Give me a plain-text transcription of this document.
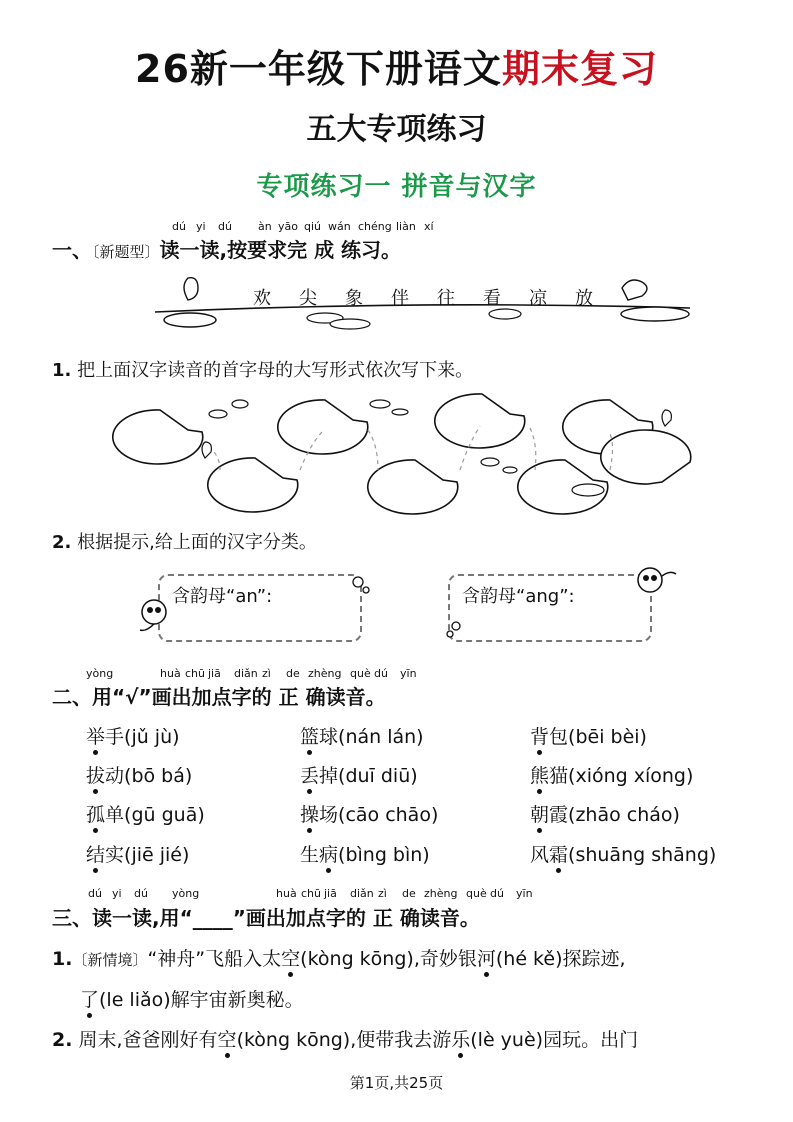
26新一年级下册语文期末复习
五大专项练习
专项练习一 拼音与汉字
dú yi dú àn yāo qiú wán chéng liàn xí
一、〔新题型〕读一读,按要求完 成 练习。
欢 尖 象 伴 往 看 凉 放
1. 把上面汉字读音的首字母的大写形式依次写下来。
2. 根据提示,给上面的汉字分类。
含韵母“an”:	含韵母“ang”:
yòng	huà chū jiā diǎn zì de zhèng què dú yīn
二、用“√”画出加点字的 正 确读音。
举手(jǔ jù)	篮球(nán lán)	背包(bēi bèi)
拔动(bō bá)	丢掉(duī diū)	熊猫(xióng xíong)
孤单(gū guā)	操场(cāo chāo)	朝霞(zhāo cháo)
结实(jiē jié)	生病(bìng bìn)	风霜(shuāng shāng)
dú yi dú yòng	huà chū jiā diǎn zì de zhèng què dú yīn
三、读一读,用“____”画出加点字的 正 确读音。
1.〔新情境〕“神舟”飞船入太空(kòng kōng),奇妙银河(hé kě)探踪迹,
了(le liǎo)解宇宙新奥秘。
2. 周末,爸爸刚好有空(kòng kōng),便带我去游乐(lè yuè)园玩。出门
第1页,共25页
